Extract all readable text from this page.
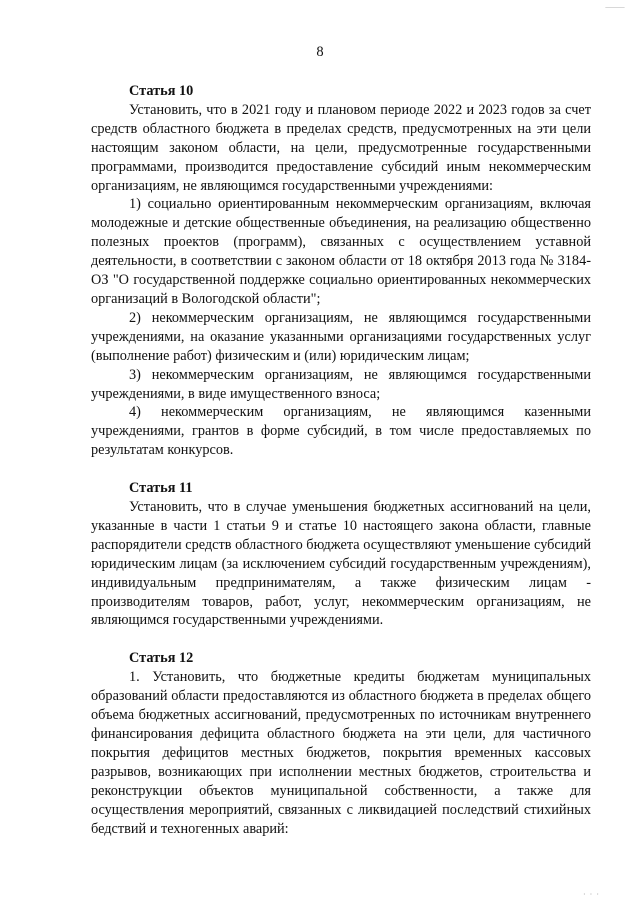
⸻
8

Статья 10

Установить, что в 2021 году и плановом периоде 2022 и 2023 годов за счет средств областного бюджета в пределах средств, предусмотренных на эти цели настоящим законом области, на цели, предусмотренные государственными программами, производится предоставление субсидий иным некоммерческим организациям, не являющимся государственными учреждениями:

1) социально ориентированным некоммерческим организациям, включая молодежные и детские общественные объединения, на реализацию общественно полезных проектов (программ), связанных с осуществлением уставной деятельности, в соответствии с законом области от 18 октября 2013 года № 3184-ОЗ "О государственной поддержке социально ориентированных некоммерческих организаций в Вологодской области";

2) некоммерческим организациям, не являющимся государственными учреждениями, на оказание указанными организациями государственных услуг (выполнение работ) физическим и (или) юридическим лицам;

3) некоммерческим организациям, не являющимся государственными учреждениями, в виде имущественного взноса;

4) некоммерческим организациям, не являющимся казенными учреждениями, грантов в форме субсидий, в том числе предоставляемых по результатам конкурсов.

Статья 11

Установить, что в случае уменьшения бюджетных ассигнований на цели, указанные в части 1 статьи 9 и статье 10 настоящего закона области, главные распорядители средств областного бюджета осуществляют уменьшение субсидий юридическим лицам (за исключением субсидий государственным учреждениям), индивидуальным предпринимателям, а также физическим лицам - производителям товаров, работ, услуг, некоммерческим организациям, не являющимся государственными учреждениями.

Статья 12

1. Установить, что бюджетные кредиты бюджетам муниципальных образований области предоставляются из областного бюджета в пределах общего объема бюджетных ассигнований, предусмотренных по источникам внутреннего финансирования дефицита областного бюджета на эти цели, для частичного покрытия дефицитов местных бюджетов, покрытия временных кассовых разрывов, возникающих при исполнении местных бюджетов, строительства и реконструкции объектов муниципальной собственности, а также для осуществления мероприятий, связанных с ликвидацией последствий стихийных бедствий и техногенных аварий:

· · ·
